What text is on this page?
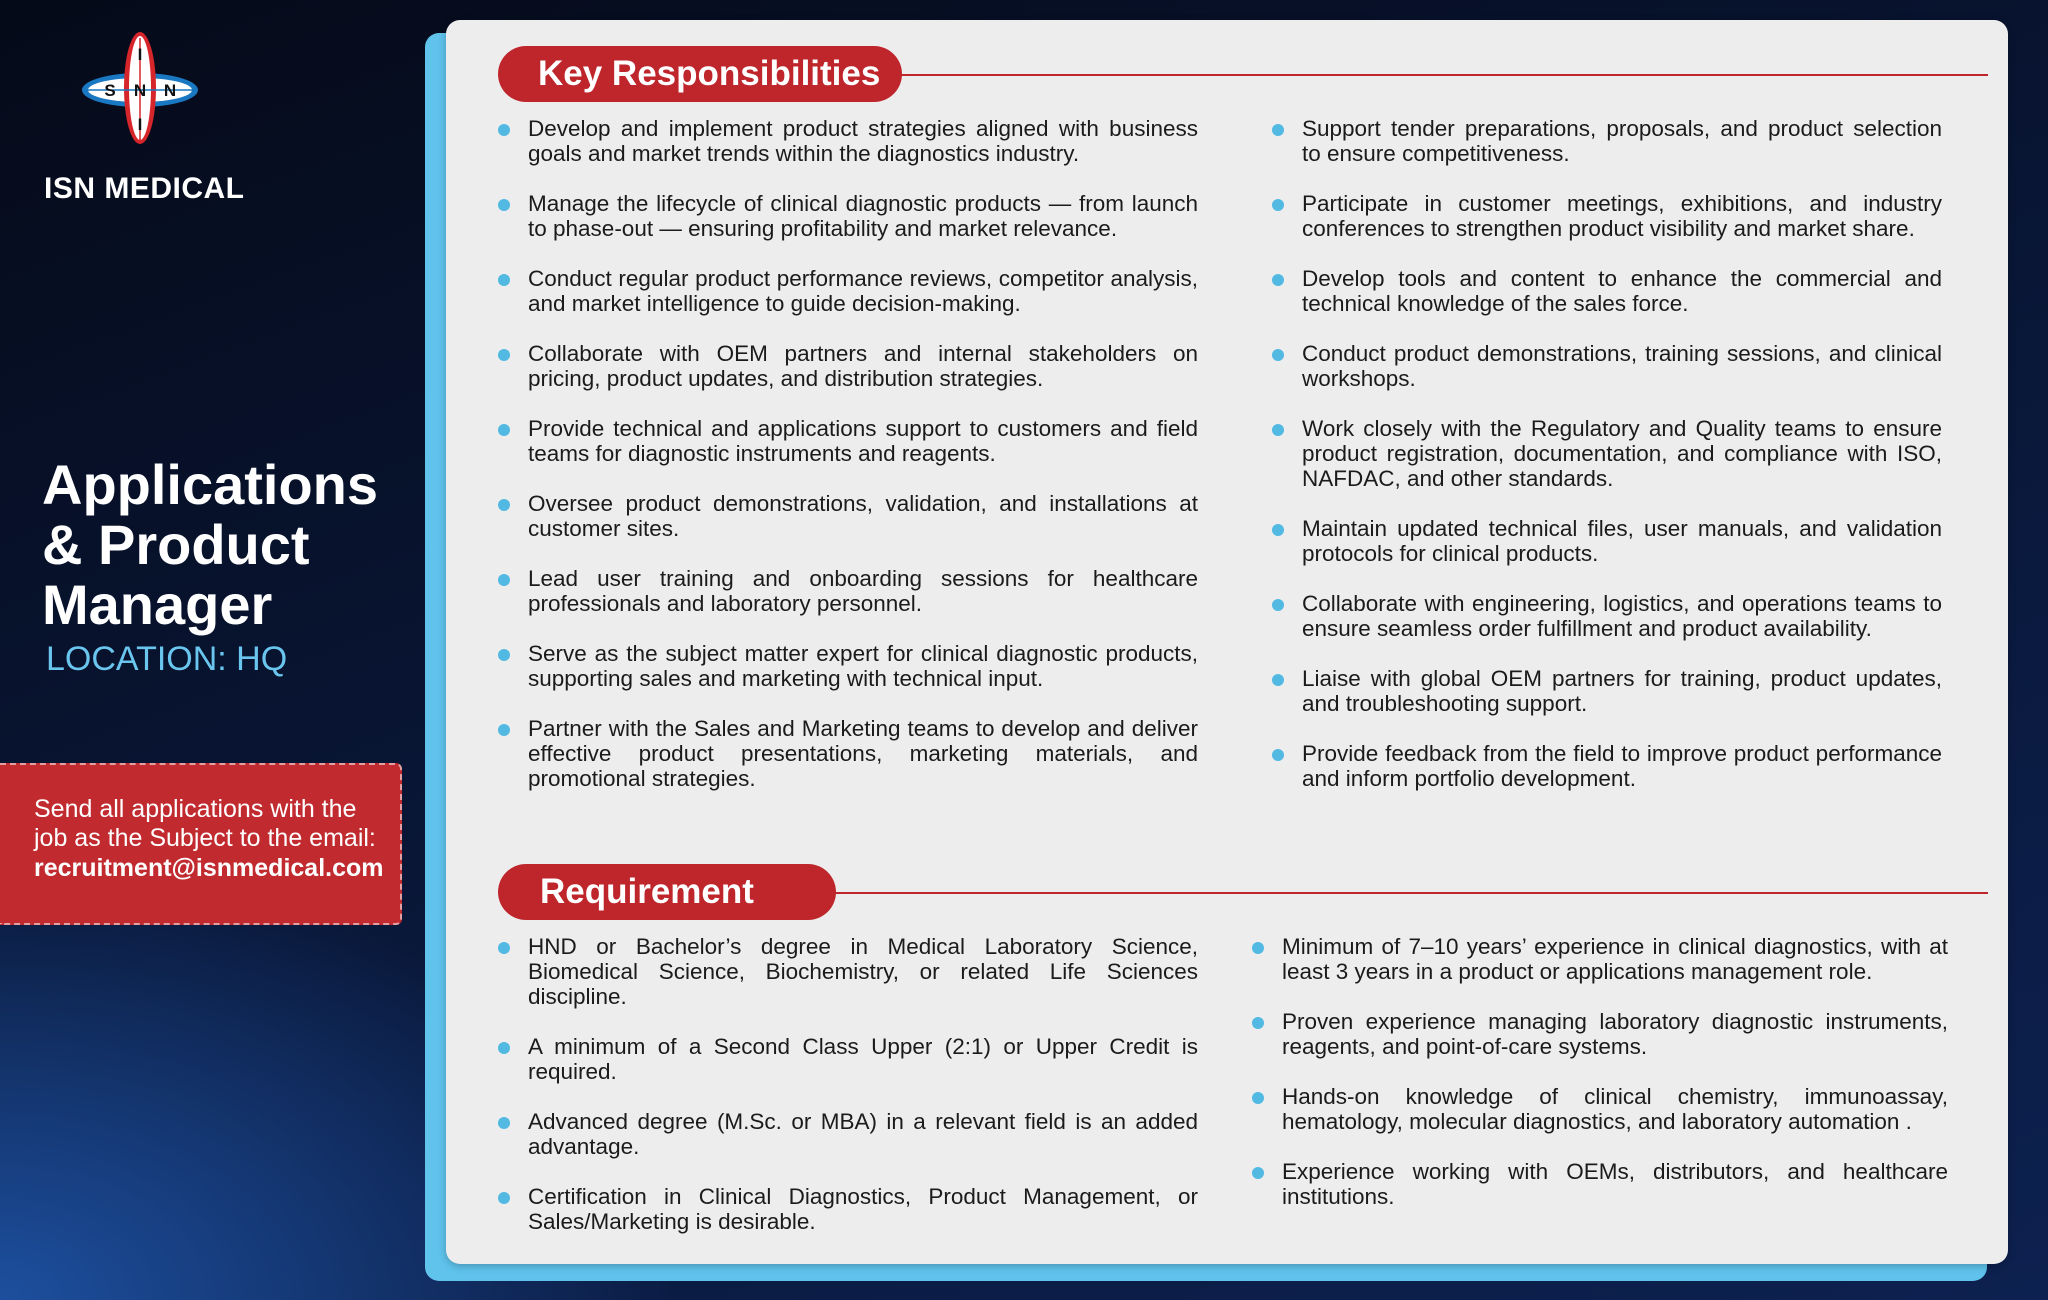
I
S N N
I
ISN MEDICAL
Applications
& Product
Manager
LOCATION: HQ
Send all applications with the
job as the Subject to the email:
recruitment@isnmedical.com
Key Responsibilities
Develop and implement product strategies aligned with business goals and market trends within the diagnostics industry.
Manage the lifecycle of clinical diagnostic products — from launch to phase-out — ensuring profitability and market relevance.
Conduct regular product performance reviews, competitor analysis, and market intelligence to guide decision-making.
Collaborate with OEM partners and internal stakeholders on pricing, product updates, and distribution strategies.
Provide technical and applications support to customers and field teams for diagnostic instruments and reagents.
Oversee product demonstrations, validation, and installations at customer sites.
Lead user training and onboarding sessions for healthcare professionals and laboratory personnel.
Serve as the subject matter expert for clinical diagnostic products, supporting sales and marketing with technical input.
Partner with the Sales and Marketing teams to develop and deliver effective product presentations, marketing materials, and promotional strategies.
Support tender preparations, proposals, and product selection to ensure competitiveness.
Participate in customer meetings, exhibitions, and industry conferences to strengthen product visibility and market share.
Develop tools and content to enhance the commercial and technical knowledge of the sales force.
Conduct product demonstrations, training sessions, and clinical workshops.
Work closely with the Regulatory and Quality teams to ensure product registration, documentation, and compliance with ISO, NAFDAC, and other standards.
Maintain updated technical files, user manuals, and validation protocols for clinical products.
Collaborate with engineering, logistics, and operations teams to ensure seamless order fulfillment and product availability.
Liaise with global OEM partners for training, product updates, and troubleshooting support.
Provide feedback from the field to improve product performance and inform portfolio development.
Requirement
HND or Bachelor’s degree in Medical Laboratory Science, Biomedical Science, Biochemistry, or related Life Sciences discipline.
A minimum of a Second Class Upper (2:1) or Upper Credit is required.
Advanced degree (M.Sc. or MBA) in a relevant field is an added advantage.
Certification in Clinical Diagnostics, Product Management, or Sales/Marketing is desirable.
Minimum of 7–10 years’ experience in clinical diagnostics, with at least 3 years in a product or applications management role.
Proven experience managing laboratory diagnostic instruments, reagents, and point-of-care systems.
Hands-on knowledge of clinical chemistry, immunoassay, hematology, molecular diagnostics, and laboratory automation .
Experience working with OEMs, distributors, and healthcare institutions.
